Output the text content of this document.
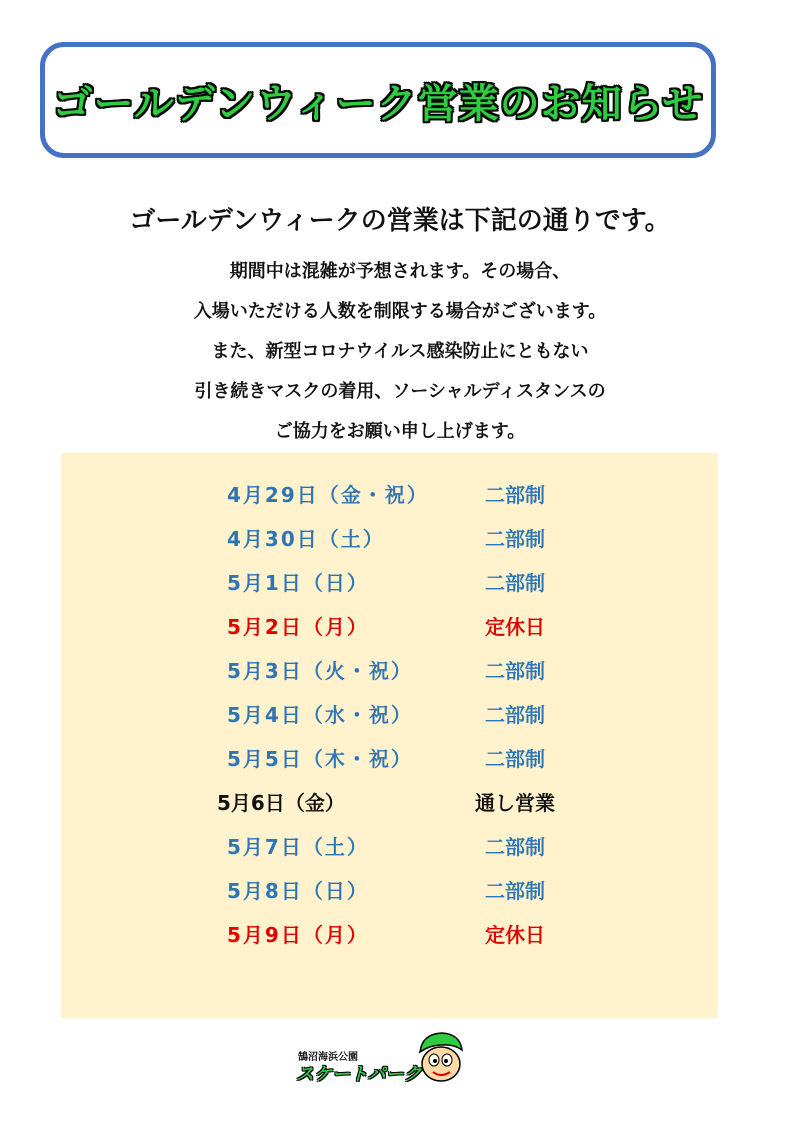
ゴールデンウィーク営業のお知らせ
ゴールデンウィークの営業は下記の通りです。
期間中は混雑が予想されます。その場合、
入場いただける人数を制限する場合がございます。
また、新型コロナウイルス感染防止にともない
引き続きマスクの着用、ソーシャルディスタンスの
ご協力をお願い申し上げます。
4月29日（金・祝）	二部制
4月30日（土）	二部制
5月1日（日）	二部制
5月2日（月）	定休日
5月3日（火・祝）	二部制
5月4日（水・祝）	二部制
5月5日（木・祝）	二部制
5月6日（金）	通し営業
5月7日（土）	二部制
5月8日（日）	二部制
5月9日（月）	定休日
鵠沼海浜公園
スケートパーク
